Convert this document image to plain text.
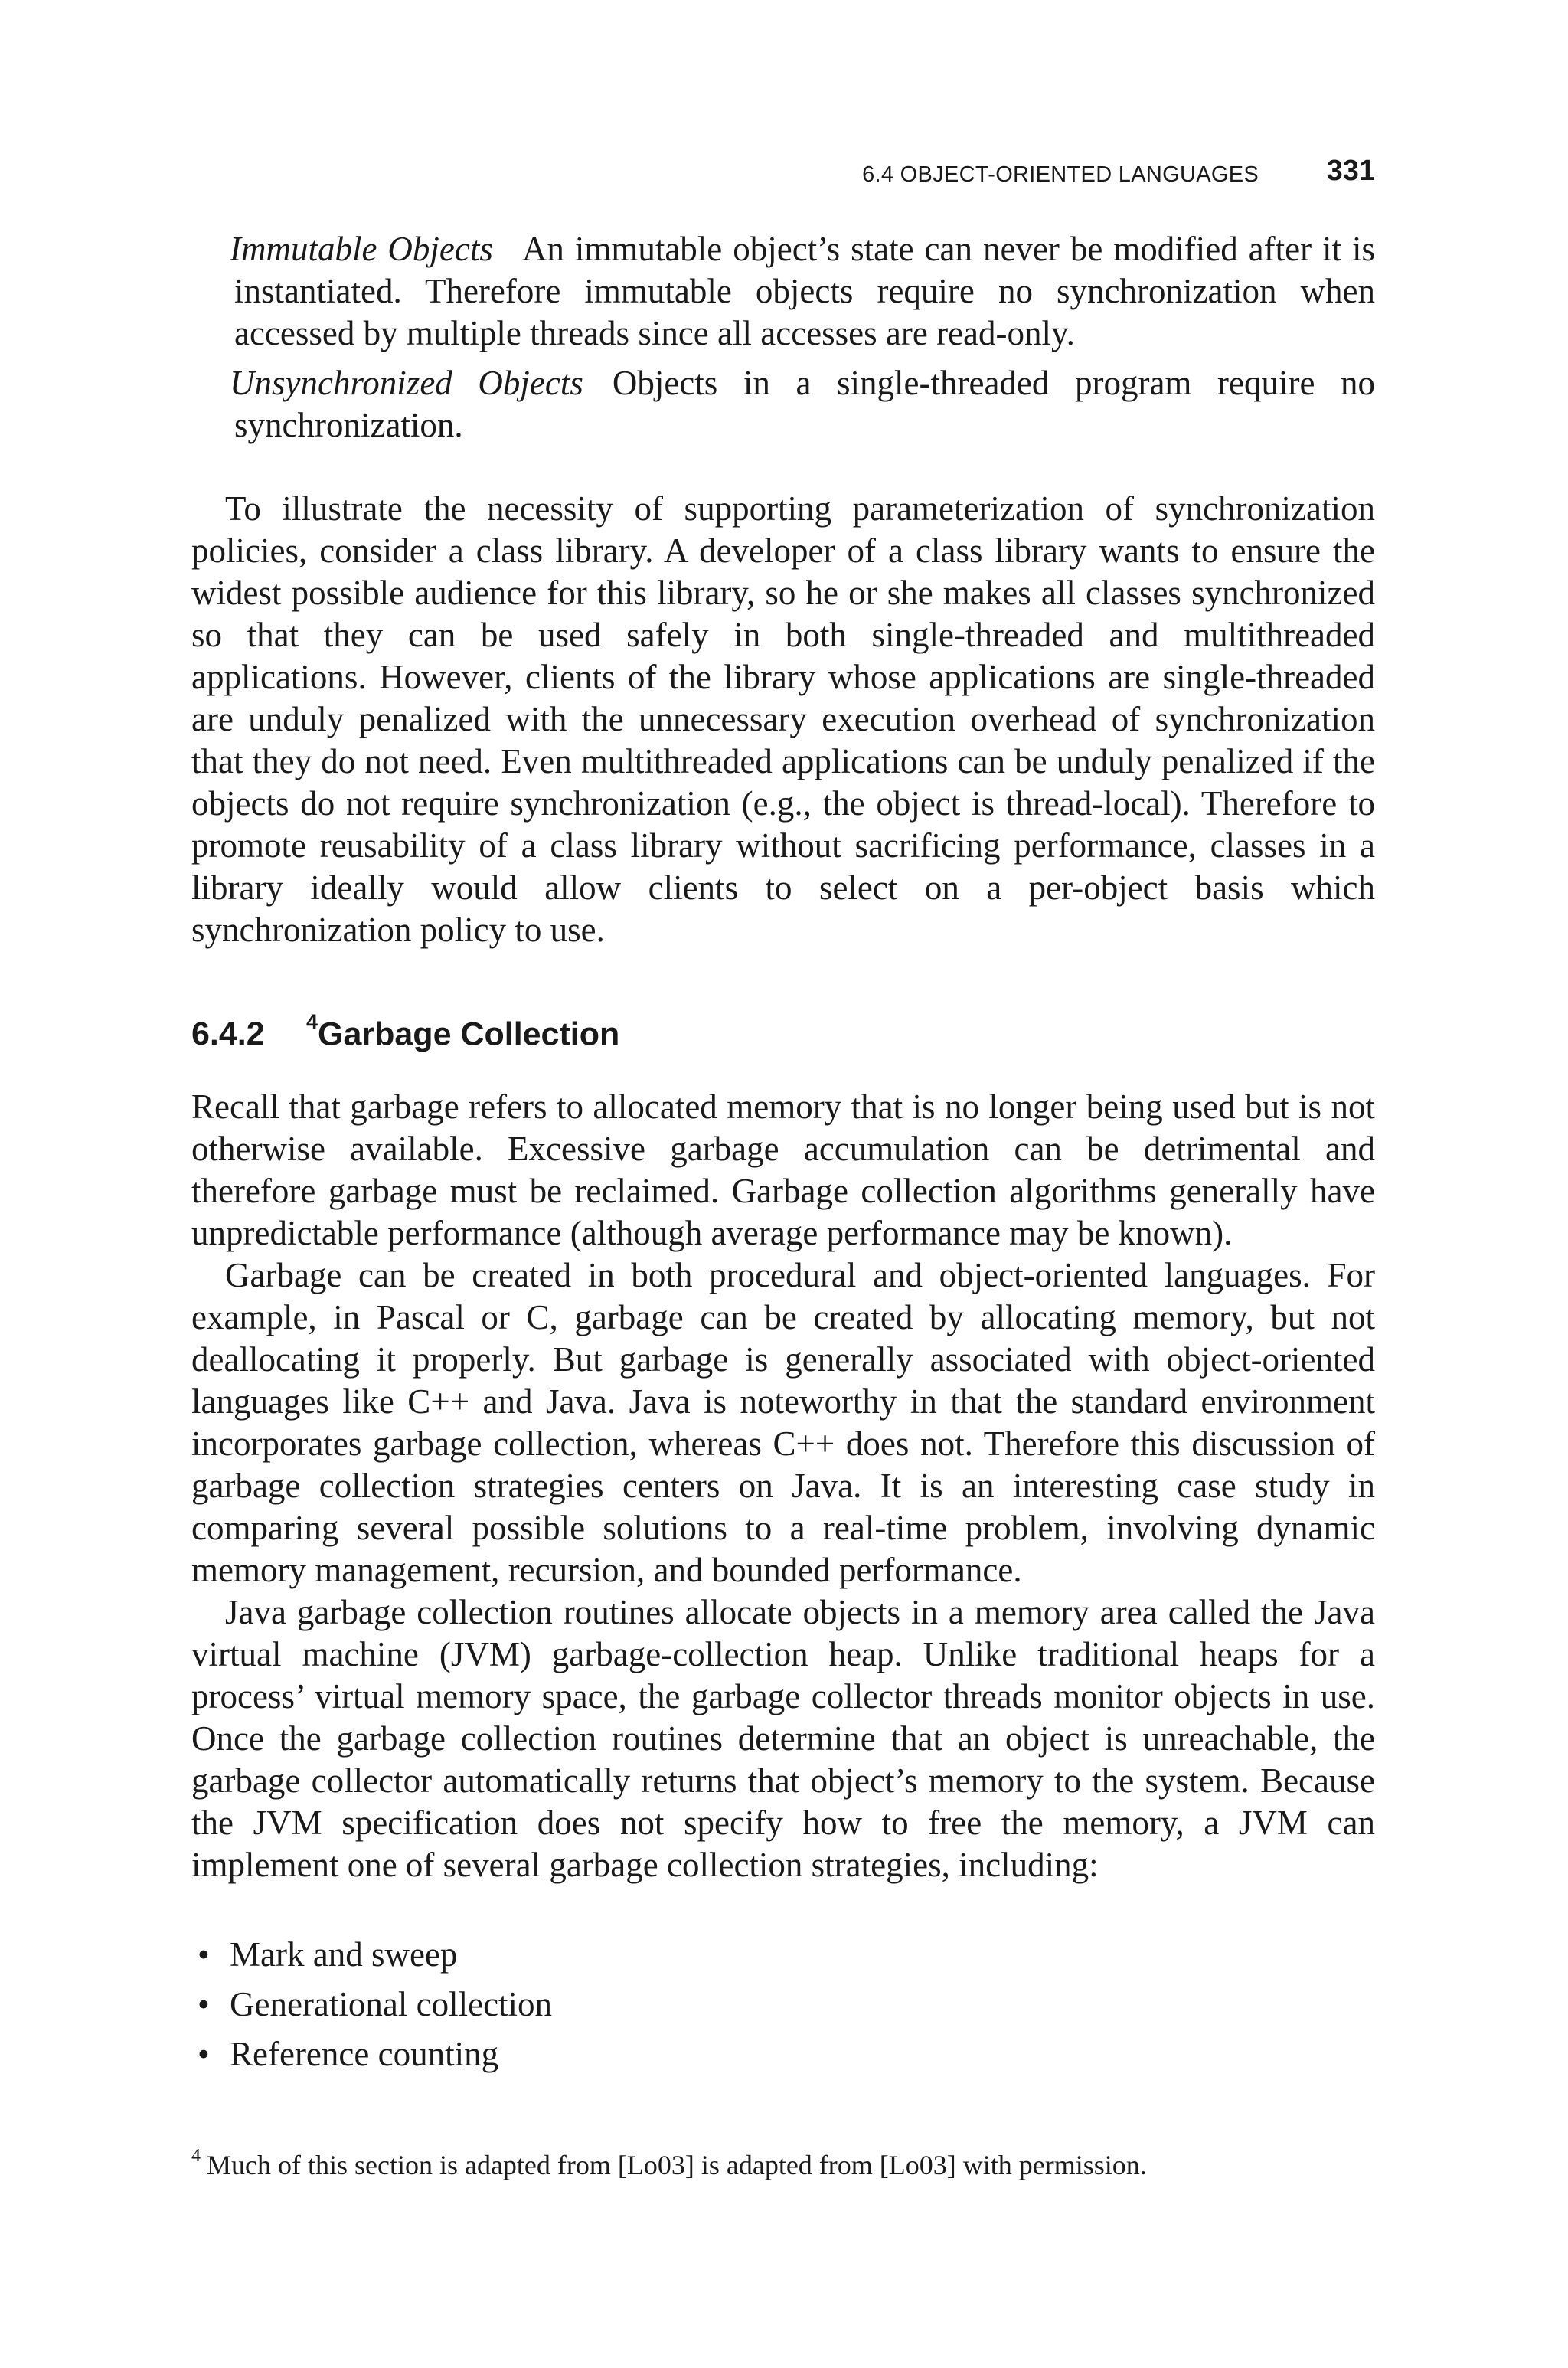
6.4 OBJECT-ORIENTED LANGUAGES 331

Immutable Objects An immutable object’s state can never be modified after it is instantiated. Therefore immutable objects require no synchronization when accessed by multiple threads since all accesses are read-only.

Unsynchronized Objects Objects in a single-threaded program require no synchronization.

To illustrate the necessity of supporting parameterization of synchronization policies, consider a class library. A developer of a class library wants to ensure the widest possible audience for this library, so he or she makes all classes synchronized so that they can be used safely in both single-threaded and multithreaded applications. However, clients of the library whose applications are single-threaded are unduly penalized with the unnecessary execution overhead of synchronization that they do not need. Even multithreaded applications can be unduly penalized if the objects do not require synchronization (e.g., the object is thread-local). Therefore to promote reusability of a class library without sacrificing performance, classes in a library ideally would allow clients to select on a per-object basis which synchronization policy to use.

6.4.2 $^4$Garbage Collection

Recall that garbage refers to allocated memory that is no longer being used but is not otherwise available. Excessive garbage accumulation can be detrimental and therefore garbage must be reclaimed. Garbage collection algorithms generally have unpredictable performance (although average performance may be known).

Garbage can be created in both procedural and object-oriented languages. For example, in Pascal or C, garbage can be created by allocating memory, but not deallocating it properly. But garbage is generally associated with object-oriented languages like C++ and Java. Java is noteworthy in that the standard environment incorporates garbage collection, whereas C++ does not. Therefore this discussion of garbage collection strategies centers on Java. It is an interesting case study in comparing several possible solutions to a real-time problem, involving dynamic memory management, recursion, and bounded performance.

Java garbage collection routines allocate objects in a memory area called the Java virtual machine (JVM) garbage-collection heap. Unlike traditional heaps for a process’ virtual memory space, the garbage collector threads monitor objects in use. Once the garbage collection routines determine that an object is unreachable, the garbage collector automatically returns that object’s memory to the system. Because the JVM specification does not specify how to free the memory, a JVM can implement one of several garbage collection strategies, including:

• Mark and sweep
• Generational collection
• Reference counting
$^4$ Much of this section is adapted from [Lo03] is adapted from [Lo03] with permission.
